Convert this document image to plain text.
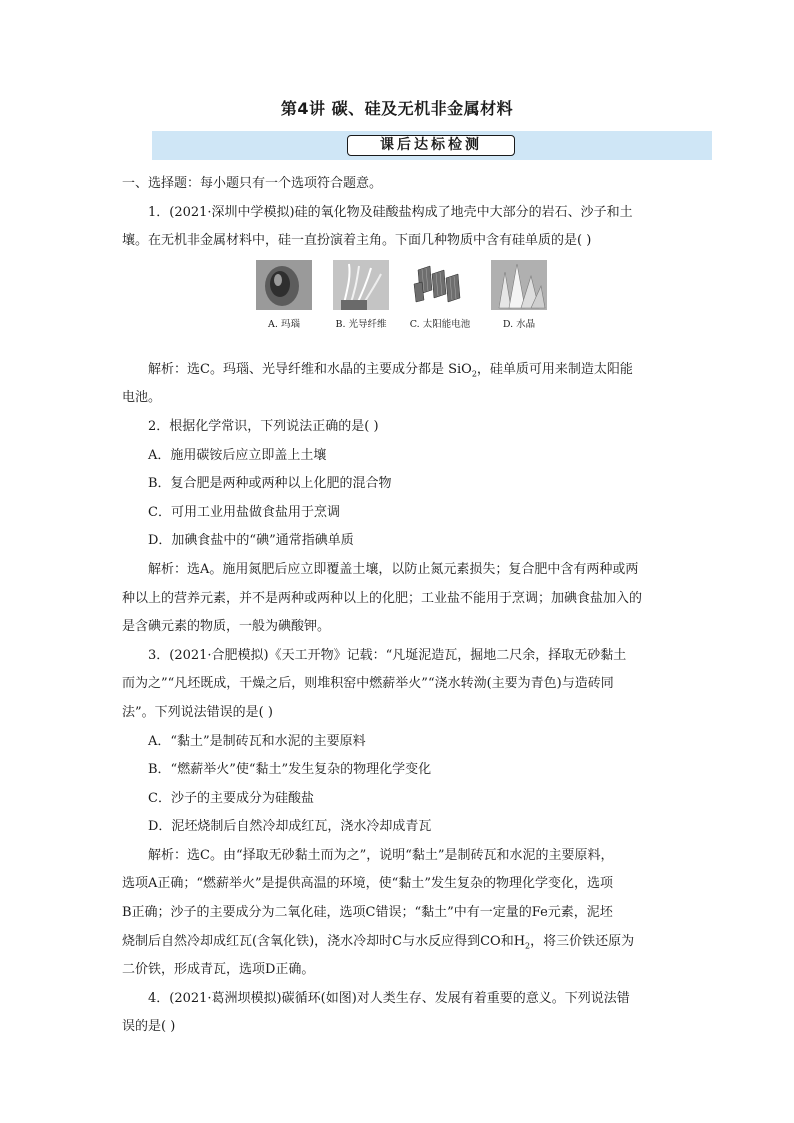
第4讲 碳、硅及无机非金属材料
课后达标检测
一、选择题：每小题只有一个选项符合题意。
1．(2021·深圳中学模拟)硅的氧化物及硅酸盐构成了地壳中大部分的岩石、沙子和土
壤。在无机非金属材料中，硅一直扮演着主角。下面几种物质中含有硅单质的是( )
A. 玛瑙	B. 光导纤维	C. 太阳能电池	D. 水晶
解析：选C。玛瑙、光导纤维和水晶的主要成分都是 SiO$_2$，硅单质可用来制造太阳能
电池。
2．根据化学常识，下列说法正确的是( )
A．施用碳铵后应立即盖上土壤
B．复合肥是两种或两种以上化肥的混合物
C．可用工业用盐做食盐用于烹调
D．加碘食盐中的“碘”通常指碘单质
解析：选A。施用氮肥后应立即覆盖土壤，以防止氮元素损失；复合肥中含有两种或两
种以上的营养元素，并不是两种或两种以上的化肥；工业盐不能用于烹调；加碘食盐加入的
是含碘元素的物质，一般为碘酸钾。
3．(2021·合肥模拟)《天工开物》记载：“凡埏泥造瓦，掘地二尺余，择取无砂黏土
而为之”“凡坯既成，干燥之后，则堆积窑中燃薪举火”“浇水转泑(主要为青色)与造砖同
法”。下列说法错误的是( )
A．“黏土”是制砖瓦和水泥的主要原料
B．“燃薪举火”使“黏土”发生复杂的物理化学变化
C．沙子的主要成分为硅酸盐
D．泥坯烧制后自然冷却成红瓦，浇水冷却成青瓦
解析：选C。由“择取无砂黏土而为之”，说明“黏土”是制砖瓦和水泥的主要原料，
选项A正确；“燃薪举火”是提供高温的环境，使“黏土”发生复杂的物理化学变化，选项
B正确；沙子的主要成分为二氧化硅，选项C错误；“黏土”中有一定量的Fe元素，泥坯
烧制后自然冷却成红瓦(含氧化铁)，浇水冷却时C与水反应得到CO和$H_2$，将三价铁还原为
二价铁，形成青瓦，选项D正确。
4．(2021·葛洲坝模拟)碳循环(如图)对人类生存、发展有着重要的意义。下列说法错
误的是( )
